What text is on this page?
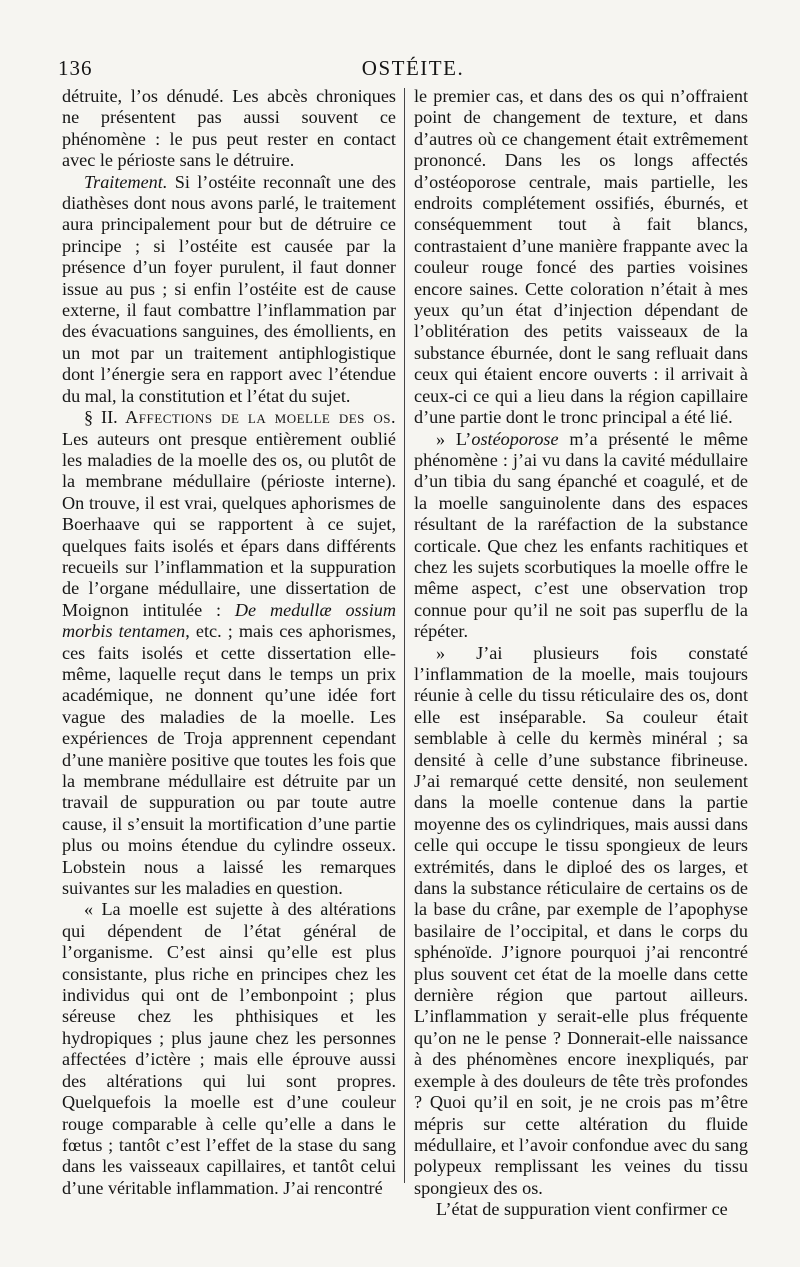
136	OSTÉITE.

détruite, l’os dénudé. Les abcès chroniques ne présentent pas aussi souvent ce phénomène : le pus peut rester en contact avec le périoste sans le détruire.

Traitement. Si l’ostéite reconnaît une des diathèses dont nous avons parlé, le traitement aura principalement pour but de détruire ce principe ; si l’ostéite est causée par la présence d’un foyer purulent, il faut donner issue au pus ; si enfin l’ostéite est de cause externe, il faut combattre l’inflammation par des évacuations sanguines, des émollients, en un mot par un traitement antiphlogistique dont l’énergie sera en rapport avec l’étendue du mal, la constitution et l’état du sujet.

§ II. Affections de la moelle des os. Les auteurs ont presque entièrement oublié les maladies de la moelle des os, ou plutôt de la membrane médullaire (périoste interne). On trouve, il est vrai, quelques aphorismes de Boerhaave qui se rapportent à ce sujet, quelques faits isolés et épars dans différents recueils sur l’inflammation et la suppuration de l’organe médullaire, une dissertation de Moignon intitulée : De medullæ ossium morbis tentamen, etc. ; mais ces aphorismes, ces faits isolés et cette dissertation elle-même, laquelle reçut dans le temps un prix académique, ne donnent qu’une idée fort vague des maladies de la moelle. Les expériences de Troja apprennent cependant d’une manière positive que toutes les fois que la membrane médullaire est détruite par un travail de suppuration ou par toute autre cause, il s’ensuit la mortification d’une partie plus ou moins étendue du cylindre osseux. Lobstein nous a laissé les remarques suivantes sur les maladies en question.

« La moelle est sujette à des altérations qui dépendent de l’état général de l’organisme. C’est ainsi qu’elle est plus consistante, plus riche en principes chez les individus qui ont de l’embonpoint ; plus séreuse chez les phthisiques et les hydropiques ; plus jaune chez les personnes affectées d’ictère ; mais elle éprouve aussi des altérations qui lui sont propres. Quelquefois la moelle est d’une couleur rouge comparable à celle qu’elle a dans le fœtus ; tantôt c’est l’effet de la stase du sang dans les vaisseaux capillaires, et tantôt celui d’une véritable inflammation. J’ai rencontré

le premier cas, et dans des os qui n’offraient point de changement de texture, et dans d’autres où ce changement était extrêmement prononcé. Dans les os longs affectés d’ostéoporose centrale, mais partielle, les endroits complétement ossifiés, éburnés, et conséquemment tout à fait blancs, contrastaient d’une manière frappante avec la couleur rouge foncé des parties voisines encore saines. Cette coloration n’était à mes yeux qu’un état d’injection dépendant de l’oblitération des petits vaisseaux de la substance éburnée, dont le sang refluait dans ceux qui étaient encore ouverts : il arrivait à ceux-ci ce qui a lieu dans la région capillaire d’une partie dont le tronc principal a été lié.

» L’ostéoporose m’a présenté le même phénomène : j’ai vu dans la cavité médullaire d’un tibia du sang épanché et coagulé, et de la moelle sanguinolente dans des espaces résultant de la raréfaction de la substance corticale. Que chez les enfants rachitiques et chez les sujets scorbutiques la moelle offre le même aspect, c’est une observation trop connue pour qu’il ne soit pas superflu de la répéter.

» J’ai plusieurs fois constaté l’inflammation de la moelle, mais toujours réunie à celle du tissu réticulaire des os, dont elle est inséparable. Sa couleur était semblable à celle du kermès minéral ; sa densité à celle d’une substance fibrineuse. J’ai remarqué cette densité, non seulement dans la moelle contenue dans la partie moyenne des os cylindriques, mais aussi dans celle qui occupe le tissu spongieux de leurs extrémités, dans le diploé des os larges, et dans la substance réticulaire de certains os de la base du crâne, par exemple de l’apophyse basilaire de l’occipital, et dans le corps du sphénoïde. J’ignore pourquoi j’ai rencontré plus souvent cet état de la moelle dans cette dernière région que partout ailleurs. L’inflammation y serait-elle plus fréquente qu’on ne le pense ? Donnerait-elle naissance à des phénomènes encore inexpliqués, par exemple à des douleurs de tête très profondes ? Quoi qu’il en soit, je ne crois pas m’être mépris sur cette altération du fluide médullaire, et l’avoir confondue avec du sang polypeux remplissant les veines du tissu spongieux des os.

L’état de suppuration vient confirmer ce
